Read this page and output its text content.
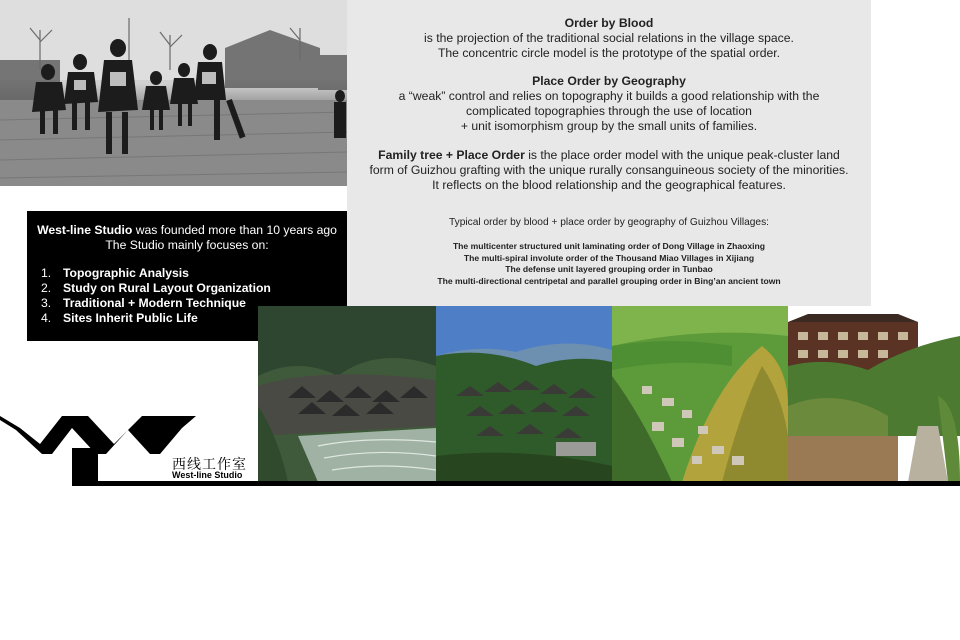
Order by Blood
is the projection of the traditional social relations in the village space.
The concentric circle model is the prototype of the spatial order.
Place Order by Geography
a “weak” control and relies on topography it builds a good relationship with the
complicated topographies through the use of location
+ unit isomorphism group by the small units of families.
Family tree + Place Order is the place order model with the unique peak-cluster land
form of Guizhou grafting with the unique rurally consanguineous society of the minorities.
It reflects on the blood relationship and the geographical features.
Typical order by blood + place order by geography of Guizhou Villages:
The multicenter structured unit laminating order of Dong Village in Zhaoxing
The multi-spiral involute order of the Thousand Miao Villages in Xijiang
The defense unit layered grouping order in Tunbao
The multi-directional centripetal and parallel grouping order in Bing’an ancient town
West-line Studio was founded more than 10 years ago
The Studio mainly focuses on:
1. Topographic Analysis
2. Study on Rural Layout Organization
3. Traditional + Modern Technique
4. Sites Inherit Public Life
西线工作室
West-line Studio
